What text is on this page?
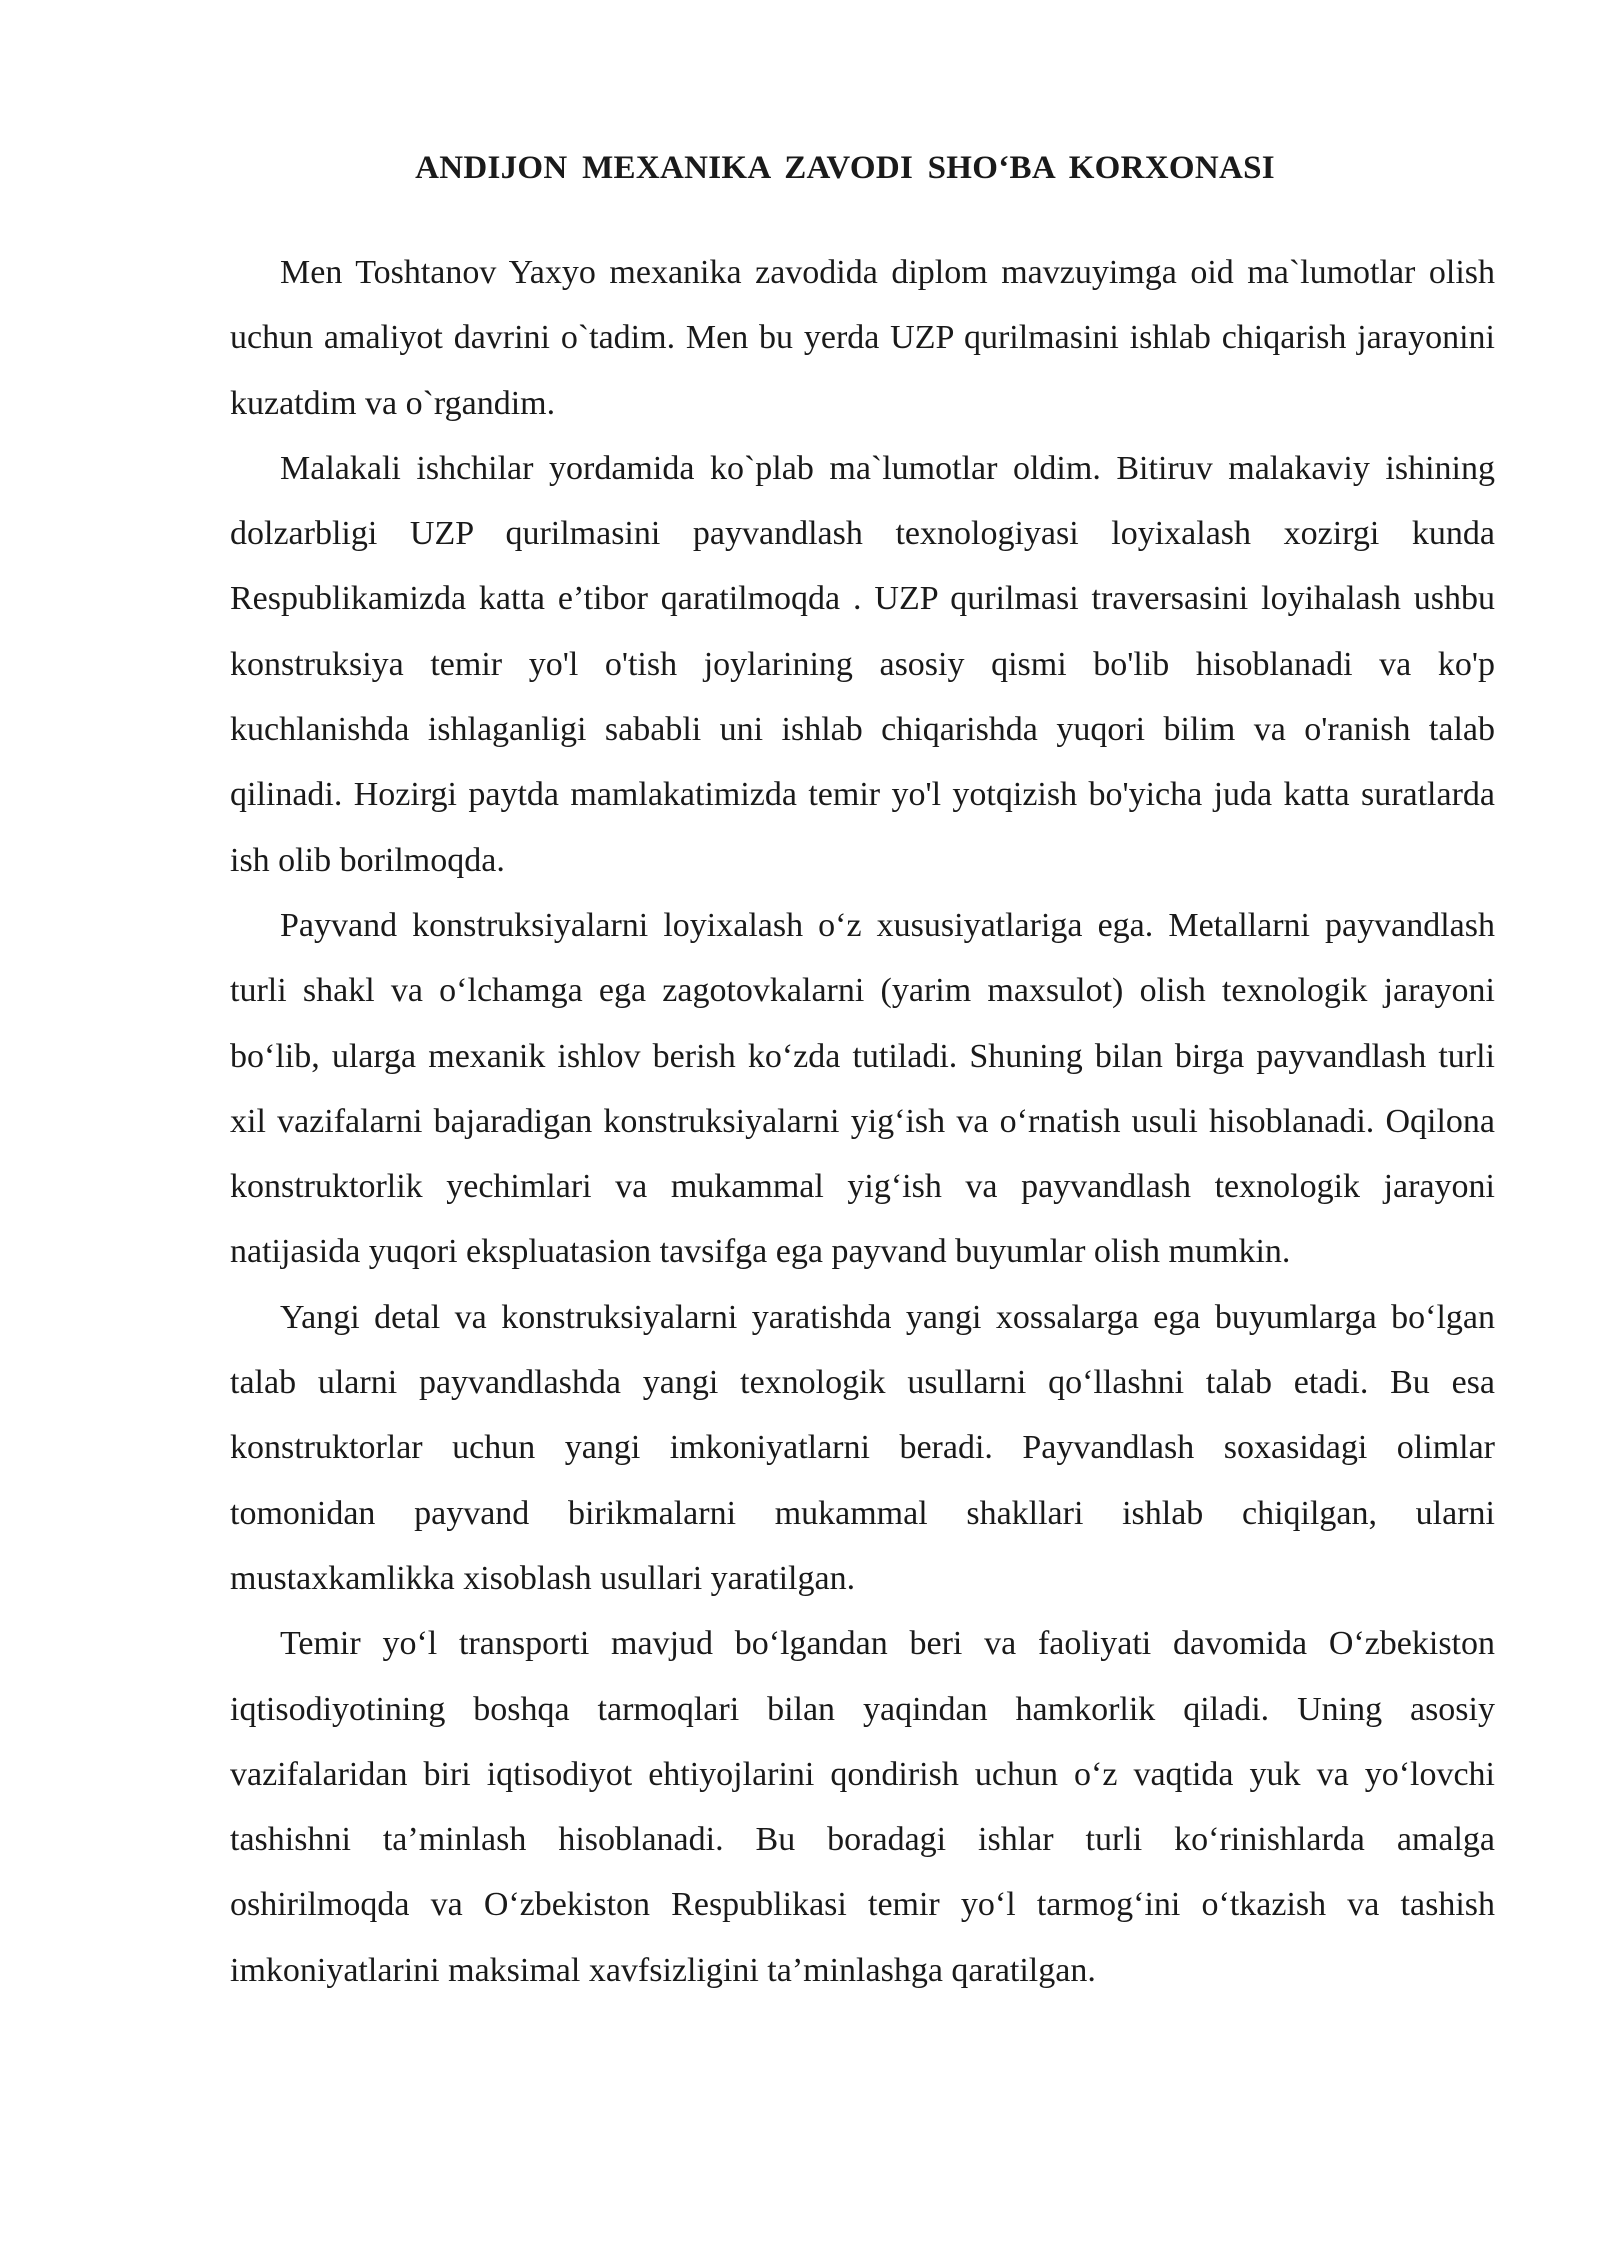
ANDIJON MEXANIKA ZAVODI SHO‘BA KORXONASI

Men Toshtanov Yaxyo mexanika zavodida diplom mavzuyimga oid ma`lumotlar olish uchun amaliyot davrini o`tadim. Men bu yerda UZP qurilmasini ishlab chiqarish jarayonini kuzatdim va o`rgandim.

Malakali ishchilar yordamida ko`plab ma`lumotlar oldim. Bitiruv malakaviy ishining dolzarbligi UZP qurilmasini payvandlash texnologiyasi loyixalash xozirgi kunda Respublikamizda katta e’tibor qaratilmoqda . UZP qurilmasi traversasini loyihalash ushbu konstruksiya temir yo'l o'tish joylarining asosiy qismi bo'lib hisoblanadi va ko'p kuchlanishda ishlaganligi sababli uni ishlab chiqarishda yuqori bilim va o'ranish talab qilinadi. Hozirgi paytda mamlakatimizda temir yo'l yotqizish bo'yicha juda katta suratlarda ish olib borilmoqda.

Payvand konstruksiyalarni loyixalash o‘z xususiyatlariga ega. Metallarni payvandlash turli shakl va o‘lchamga ega zagotovkalarni (yarim maxsulot) olish texnologik jarayoni bo‘lib, ularga mexanik ishlov berish ko‘zda tutiladi. Shuning bilan birga payvandlash turli xil vazifalarni bajaradigan konstruksiyalarni yig‘ish va o‘rnatish usuli hisoblanadi. Oqilona konstruktorlik yechimlari va mukammal yig‘ish va payvandlash texnologik jarayoni natijasida yuqori ekspluatasion tavsifga ega payvand buyumlar olish mumkin.

Yangi detal va konstruksiyalarni yaratishda yangi xossalarga ega buyumlarga bo‘lgan talab ularni payvandlashda yangi texnologik usullarni qo‘llashni talab etadi. Bu esa konstruktorlar uchun yangi imkoniyatlarni beradi. Payvandlash soxasidagi olimlar tomonidan payvand birikmalarni mukammal shakllari ishlab chiqilgan, ularni mustaxkamlikka xisoblash usullari yaratilgan.

Temir yo‘l transporti mavjud bo‘lgandan beri va faoliyati davomida O‘zbekiston iqtisodiyotining boshqa tarmoqlari bilan yaqindan hamkorlik qiladi. Uning asosiy vazifalaridan biri iqtisodiyot ehtiyojlarini qondirish uchun o‘z vaqtida yuk va yo‘lovchi tashishni ta’minlash hisoblanadi. Bu boradagi ishlar turli ko‘rinishlarda amalga oshirilmoqda va O‘zbekiston Respublikasi temir yo‘l tarmog‘ini o‘tkazish va tashish imkoniyatlarini maksimal xavfsizligini ta’minlashga qaratilgan.
